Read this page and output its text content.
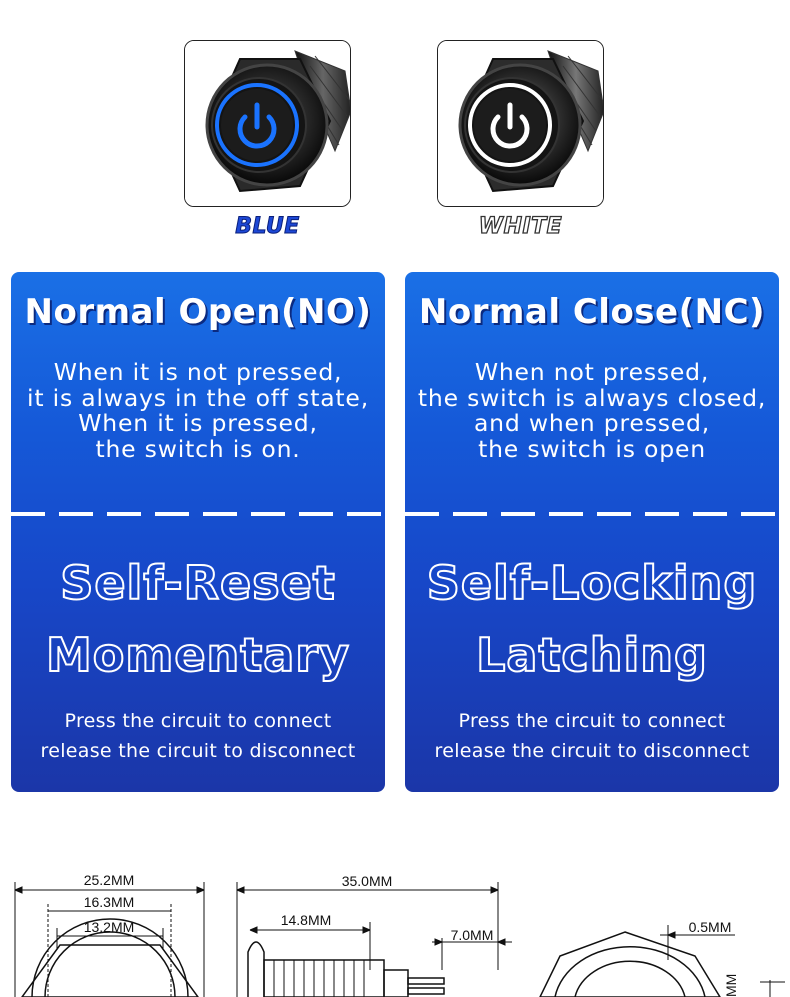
BLUE	WHITE
Normal Open(NO)
When it is not pressed,
it is always in the off state,
When it is pressed,
the switch is on.
Self-Reset
Momentary
Press the circuit to connect
release the circuit to disconnect
Normal Close(NC)
When not pressed,
the switch is always closed,
and when pressed,
the switch is open
Self-Locking
Latching
Press the circuit to connect
release the circuit to disconnect
25.2MM
16.3MM
13.2MM
35.0MM
14.8MM
7.0MM	0.5MM
MM
